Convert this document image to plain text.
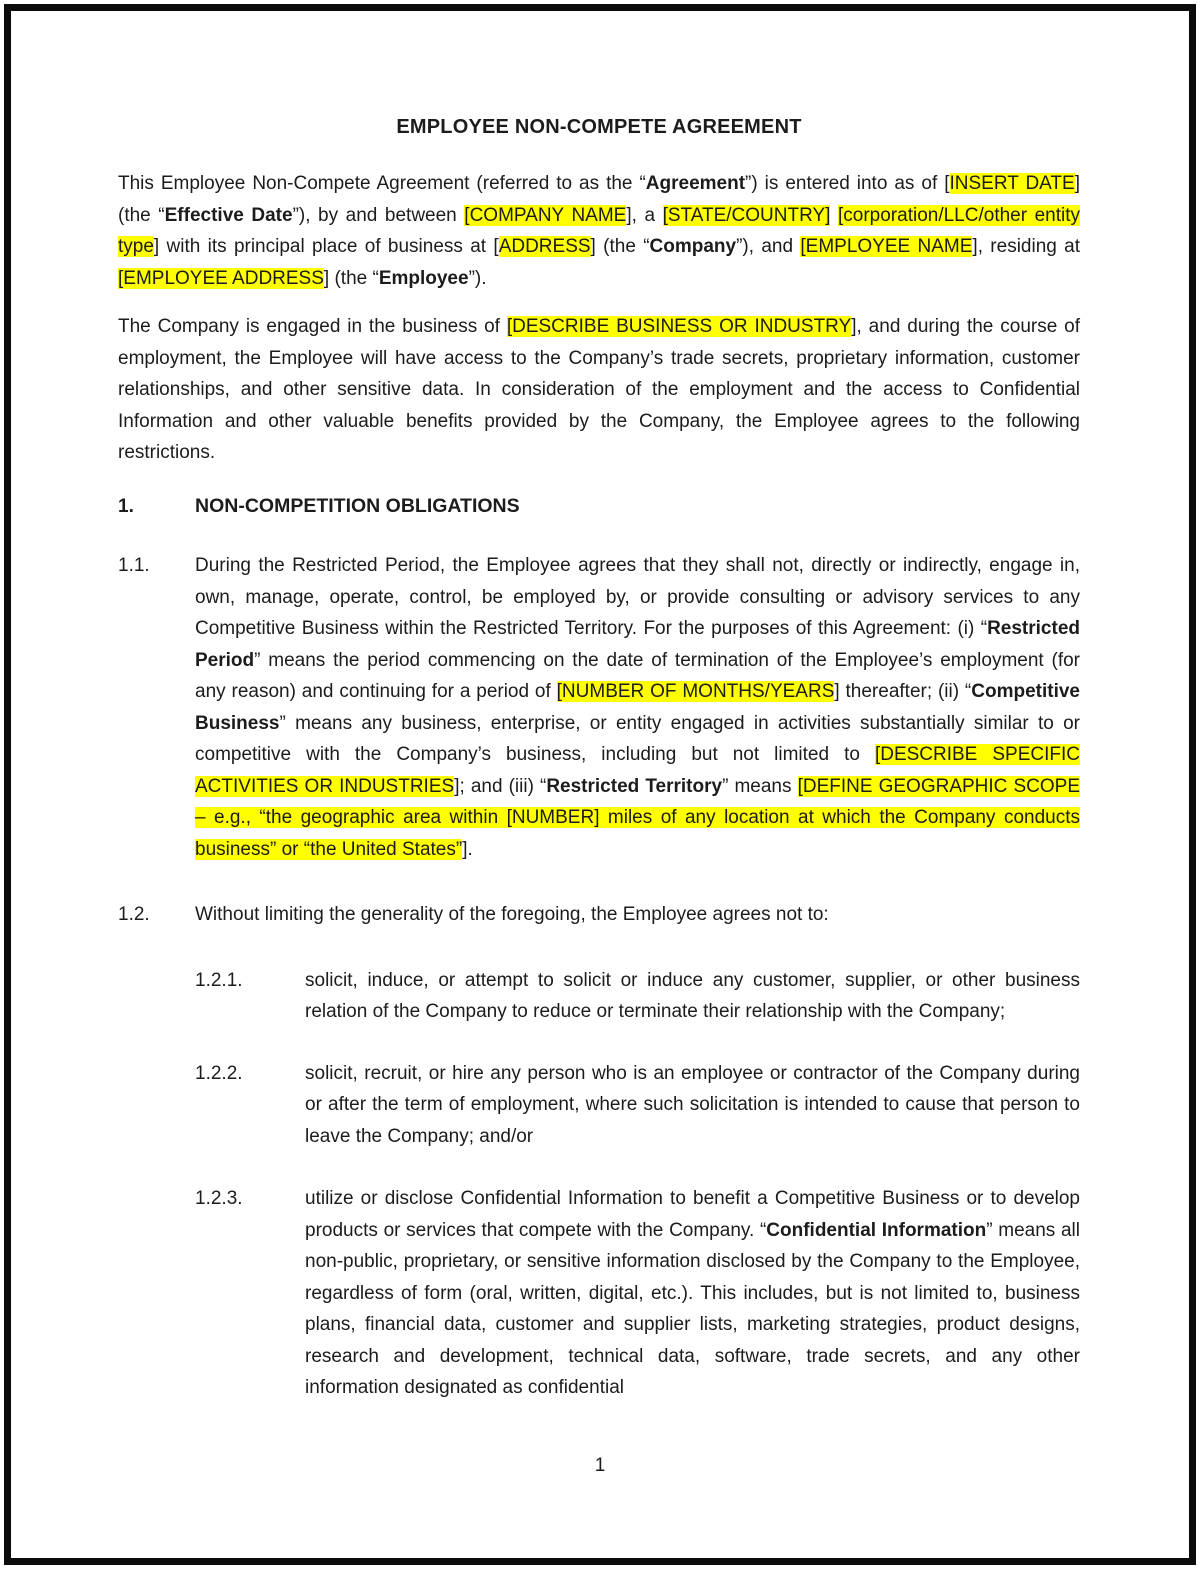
EMPLOYEE NON-COMPETE AGREEMENT
This Employee Non-Compete Agreement (referred to as the “Agreement”) is entered into as of [INSERT DATE] (the “Effective Date”), by and between [COMPANY NAME], a [STATE/COUNTRY] [corporation/LLC/other entity type] with its principal place of business at [ADDRESS] (the “Company”), and [EMPLOYEE NAME], residing at [EMPLOYEE ADDRESS] (the “Employee”).
The Company is engaged in the business of [DESCRIBE BUSINESS OR INDUSTRY], and during the course of employment, the Employee will have access to the Company’s trade secrets, proprietary information, customer relationships, and other sensitive data. In consideration of the employment and the access to Confidential Information and other valuable benefits provided by the Company, the Employee agrees to the following restrictions.
1.	NON-COMPETITION OBLIGATIONS
1.1.	During the Restricted Period, the Employee agrees that they shall not, directly or indirectly, engage in, own, manage, operate, control, be employed by, or provide consulting or advisory services to any Competitive Business within the Restricted Territory. For the purposes of this Agreement: (i) “Restricted Period” means the period commencing on the date of termination of the Employee’s employment (for any reason) and continuing for a period of [NUMBER OF MONTHS/YEARS] thereafter; (ii) “Competitive Business” means any business, enterprise, or entity engaged in activities substantially similar to or competitive with the Company’s business, including but not limited to [DESCRIBE SPECIFIC ACTIVITIES OR INDUSTRIES]; and (iii) “Restricted Territory” means [DEFINE GEOGRAPHIC SCOPE – e.g., “the geographic area within [NUMBER] miles of any location at which the Company conducts business” or “the United States”].
1.2.	Without limiting the generality of the foregoing, the Employee agrees not to:
1.2.1.	solicit, induce, or attempt to solicit or induce any customer, supplier, or other business relation of the Company to reduce or terminate their relationship with the Company;
1.2.2.	solicit, recruit, or hire any person who is an employee or contractor of the Company during or after the term of employment, where such solicitation is intended to cause that person to leave the Company; and/or
1.2.3.	utilize or disclose Confidential Information to benefit a Competitive Business or to develop products or services that compete with the Company. “Confidential Information” means all non-public, proprietary, or sensitive information disclosed by the Company to the Employee, regardless of form (oral, written, digital, etc.). This includes, but is not limited to, business plans, financial data, customer and supplier lists, marketing strategies, product designs, research and development, technical data, software, trade secrets, and any other information designated as confidential
1
